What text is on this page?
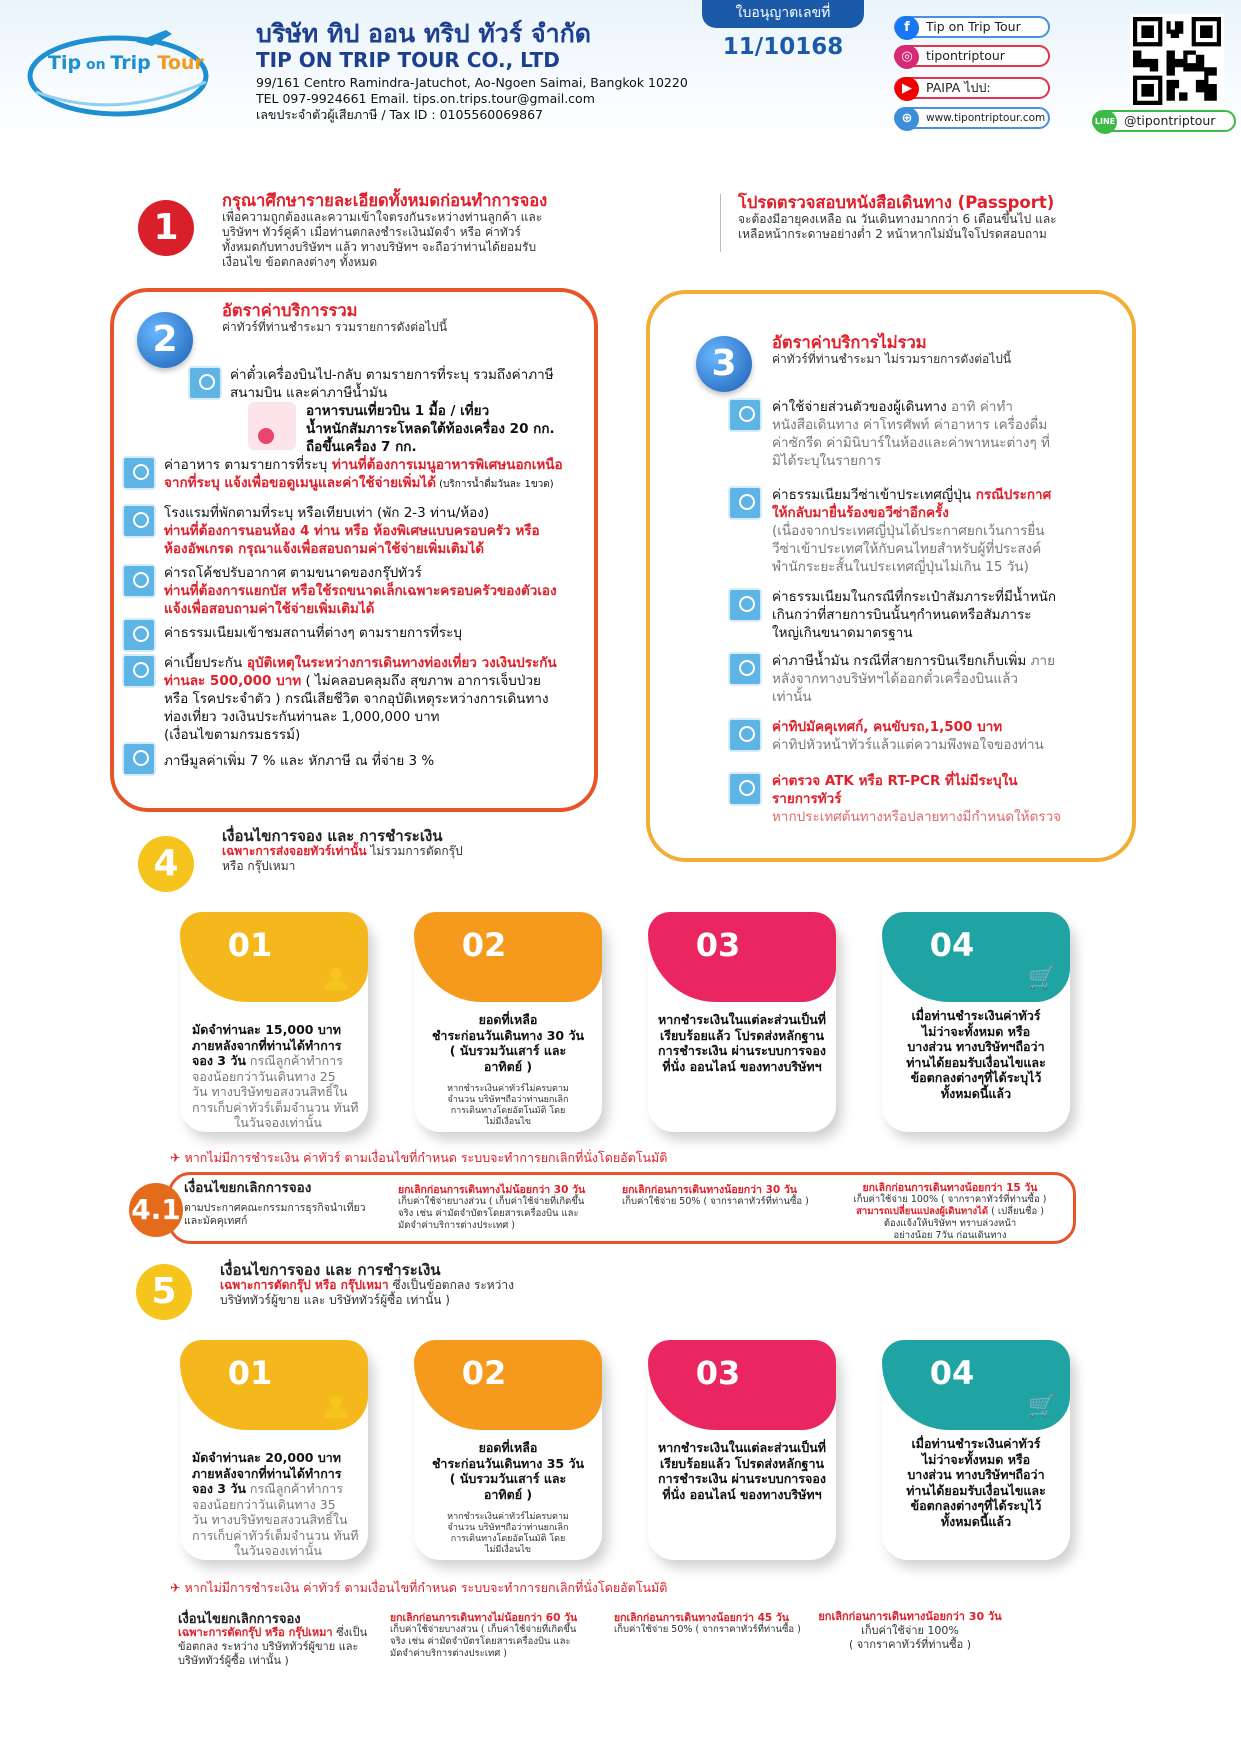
Tip on Trip Tour
บริษัท ทิป ออน ทริป ทัวร์ จำกัด
TIP ON TRIP TOUR CO., LTD
99/161 Centro Ramindra-Jatuchot, Ao-Ngoen Saimai, Bangkok 10220
TEL 097-9924661 Email. tips.on.trips.tour@gmail.com
เลขประจำตัวผู้เสียภาษี / Tax ID : 0105560069867
ใบอนุญาตเลขที่
11/10168
f	Tip on Trip Tour
◎	tipontriptour
▶	PAIPA ไปป:
⊕	www.tipontriptour.com	LINE @tipontriptour
1
กรุณาศึกษารายละเอียดทั้งหมดก่อนทำการจอง
เพื่อความถูกต้องและความเข้าใจตรงกันระหว่างท่านลูกค้า และ
บริษัทฯ ทัวร์คู่ค้า เมื่อท่านตกลงชำระเงินมัดจำ หรือ ค่าทัวร์
ทั้งหมดกับทางบริษัทฯ แล้ว ทางบริษัทฯ จะถือว่าท่านได้ยอมรับ
เงื่อนไข ข้อตกลงต่างๆ ทั้งหมด
โปรดตรวจสอบหนังสือเดินทาง (Passport)
จะต้องมีอายุคงเหลือ ณ วันเดินทางมากกว่า 6 เดือนขึ้นไป และ
เหลือหน้ากระดาษอย่างต่ำ 2 หน้าหากไม่มั่นใจโปรดสอบถาม
2
อัตราค่าบริการรวม
ค่าทัวร์ที่ท่านชำระมา รวมรายการดังต่อไปนี้
ค่าตั๋วเครื่องบินไป-กลับ ตามรายการที่ระบุ รวมถึงค่าภาษี
สนามบิน และค่าภาษีน้ำมัน
อาหารบนเที่ยวบิน 1 มื้อ / เที่ยว
น้ำหนักสัมภาระโหลดใต้ท้องเครื่อง 20 กก.
ถือขึ้นเครื่อง 7 กก.
ค่าอาหาร ตามรายการที่ระบุ ท่านที่ต้องการเมนูอาหารพิเศษนอกเหนือ
จากที่ระบุ แจ้งเพื่อขอดูเมนูและค่าใช้จ่ายเพิ่มได้ (บริการน้ำดื่มวันละ 1ขวด)
โรงแรมที่พักตามที่ระบุ หรือเทียบเท่า (พัก 2-3 ท่าน/ห้อง)
ท่านที่ต้องการนอนห้อง 4 ท่าน หรือ ห้องพิเศษแบบครอบครัว หรือ
ห้องอัพเกรด กรุณาแจ้งเพื่อสอบถามค่าใช้จ่ายเพิ่มเติมได้
ค่ารถโค้ชปรับอากาศ ตามขนาดของกรุ๊ปทัวร์
ท่านที่ต้องการแยกบัส หรือใช้รถขนาดเล็กเฉพาะครอบครัวของตัวเอง
แจ้งเพื่อสอบถามค่าใช้จ่ายเพิ่มเติมได้
ค่าธรรมเนียมเข้าชมสถานที่ต่างๆ ตามรายการที่ระบุ
ค่าเบี้ยประกัน อุบัติเหตุในระหว่างการเดินทางท่องเที่ยว วงเงินประกัน
ท่านละ 500,000 บาท ( ไม่คลอบคลุมถึง สุขภาพ อาการเจ็บป่วย
หรือ โรคประจำตัว ) กรณีเสียชีวิต จากอุบัติเหตุระหว่างการเดินทาง
ท่องเที่ยว วงเงินประกันท่านละ 1,000,000 บาท
(เงื่อนไขตามกรมธรรม์)
ภาษีมูลค่าเพิ่ม 7 % และ หักภาษี ณ ที่จ่าย 3 %
3
อัตราค่าบริการไม่รวม
ค่าทัวร์ที่ท่านชำระมา ไม่รวมรายการดังต่อไปนี้
ค่าใช้จ่ายส่วนตัวของผู้เดินทาง อาทิ ค่าทำ
หนังสือเดินทาง ค่าโทรศัพท์ ค่าอาหาร เครื่องดื่ม
ค่าซักรีด ค่ามินิบาร์ในห้องและค่าพาหนะต่างๆ ที่
มิได้ระบุในรายการ
ค่าธรรมเนียมวีซ่าเข้าประเทศญี่ปุ่น กรณีประกาศ
ให้กลับมายื่นร้องขอวีซ่าอีกครั้ง
(เนื่องจากประเทศญี่ปุ่นได้ประกาศยกเว้นการยื่น
วีซ่าเข้าประเทศให้กับคนไทยสำหรับผู้ที่ประสงค์
พำนักระยะสั้นในประเทศญี่ปุ่นไม่เกิน 15 วัน)
ค่าธรรมเนียมในกรณีที่กระเป๋าสัมภาระที่มีน้ำหนัก
เกินกว่าที่สายการบินนั้นๆกำหนดหรือสัมภาระ
ใหญ่เกินขนาดมาตรฐาน
ค่าภาษีน้ำมัน กรณีที่สายการบินเรียกเก็บเพิ่ม ภาย
หลังจากทางบริษัทฯได้ออกตั๋วเครื่องบินแล้ว
เท่านั้น
ค่าทิปมัคคุเทศก์, คนขับรถ,1,500 บาท
ค่าทิปหัวหน้าทัวร์แล้วแต่ความพึงพอใจของท่าน
ค่าตรวจ ATK หรือ RT-PCR ที่ไม่มีระบุใน
รายการทัวร์
หากประเทศต้นทางหรือปลายทางมีกำหนดให้ตรวจ
4
เงื่อนไขการจอง และ การชำระเงิน
เฉพาะการส่งจอยทัวร์เท่านั้น ไม่รวมการตัดกรุ๊ป
หรือ กรุ๊ปเหมา
01
มัดจำท่านละ 15,000 บาท
ภายหลังจากที่ท่านได้ทำการ
จอง 3 วัน กรณีลูกค้าทำการ
จองน้อยกว่าวันเดินทาง 25
วัน ทางบริษัทขอสงวนสิทธิ์ใน
การเก็บค่าทัวร์เต็มจำนวน ทันที
ในวันจองเท่านั้น
02
ยอดที่เหลือ
ชำระก่อนวันเดินทาง 30 วัน
( นับรวมวันเสาร์ และ
อาทิตย์ )
หากชำระเงินค่าทัวร์ไม่ครบตาม
จำนวน บริษัทฯถือว่าท่านยกเลิก
การเดินทางโดยอัตโนมัติ โดย
ไม่มีเงื่อนไข
03
หากชำระเงินในแต่ละส่วนเป็นที่
เรียบร้อยแล้ว โปรดส่งหลักฐาน
การชำระเงิน ผ่านระบบการจอง
ที่นั่ง ออนไลน์ ของทางบริษัทฯ
04
🛒
เมื่อท่านชำระเงินค่าทัวร์
ไม่ว่าจะทั้งหมด หรือ
บางส่วน ทางบริษัทฯถือว่า
ท่านได้ยอมรับเงื่อนไขและ
ข้อตกลงต่างๆที่ได้ระบุไว้
ทั้งหมดนี้แล้ว
✈ หากไม่มีการชำระเงิน ค่าทัวร์ ตามเงื่อนไขที่กำหนด ระบบจะทำการยกเลิกที่นั่งโดยอัตโนมัติ
4.1
เงื่อนไขยกเลิกการจอง
ตามประกาศคณะกรรมการธุรกิจนำเที่ยว
และมัคคุเทศก์
ยกเลิกก่อนการเดินทางไม่น้อยกว่า 30 วัน
เก็บค่าใช้จ่ายบางส่วน ( เก็บค่าใช้จ่ายที่เกิดขึ้น
จริง เช่น ค่ามัดจำบัตรโดยสารเครื่องบิน และ
มัดจำค่าบริการต่างประเทศ )
ยกเลิกก่อนการเดินทางน้อยกว่า 30 วัน
เก็บค่าใช้จ่าย 50% ( จากราคาทัวร์ที่ท่านซื้อ )
ยกเลิกก่อนการเดินทางน้อยกว่า 15 วัน
เก็บค่าใช้จ่าย 100% ( จากราคาทัวร์ที่ท่านซื้อ )
สามารถเปลี่ยนแปลงผู้เดินทางได้ ( เปลี่ยนชื่อ )
ต้องแจ้งให้บริษัทฯ ทราบล่วงหน้า
อย่างน้อย 7วัน ก่อนเดินทาง
5
เงื่อนไขการจอง และ การชำระเงิน
เฉพาะการตัดกรุ๊ป หรือ กรุ๊ปเหมา ซึ่งเป็นข้อตกลง ระหว่าง
บริษัททัวร์ผู้ขาย และ บริษัททัวร์ผู้ซื้อ เท่านั้น )
01
มัดจำท่านละ 20,000 บาท
ภายหลังจากที่ท่านได้ทำการ
จอง 3 วัน กรณีลูกค้าทำการ
จองน้อยกว่าวันเดินทาง 35
วัน ทางบริษัทขอสงวนสิทธิ์ใน
การเก็บค่าทัวร์เต็มจำนวน ทันที
ในวันจองเท่านั้น
02
ยอดที่เหลือ
ชำระก่อนวันเดินทาง 35 วัน
( นับรวมวันเสาร์ และ
อาทิตย์ )
หากชำระเงินค่าทัวร์ไม่ครบตาม
จำนวน บริษัทฯถือว่าท่านยกเลิก
การเดินทางโดยอัตโนมัติ โดย
ไม่มีเงื่อนไข
03
หากชำระเงินในแต่ละส่วนเป็นที่
เรียบร้อยแล้ว โปรดส่งหลักฐาน
การชำระเงิน ผ่านระบบการจอง
ที่นั่ง ออนไลน์ ของทางบริษัทฯ
04
🛒
เมื่อท่านชำระเงินค่าทัวร์
ไม่ว่าจะทั้งหมด หรือ
บางส่วน ทางบริษัทฯถือว่า
ท่านได้ยอมรับเงื่อนไขและ
ข้อตกลงต่างๆที่ได้ระบุไว้
ทั้งหมดนี้แล้ว
✈ หากไม่มีการชำระเงิน ค่าทัวร์ ตามเงื่อนไขที่กำหนด ระบบจะทำการยกเลิกที่นั่งโดยอัตโนมัติ
เงื่อนไขยกเลิกการจอง
เฉพาะการตัดกรุ๊ป หรือ กรุ๊ปเหมา ซึ่งเป็น
ข้อตกลง ระหว่าง บริษัททัวร์ผู้ขาย และ
บริษัททัวร์ผู้ซื้อ เท่านั้น )
ยกเลิกก่อนการเดินทางไม่น้อยกว่า 60 วัน
เก็บค่าใช้จ่ายบางส่วน ( เก็บค่าใช้จ่ายที่เกิดขึ้น
จริง เช่น ค่ามัดจำบัตรโดยสารเครื่องบิน และ
มัดจำค่าบริการต่างประเทศ )
ยกเลิกก่อนการเดินทางน้อยกว่า 45 วัน
เก็บค่าใช้จ่าย 50% ( จากราคาทัวร์ที่ท่านซื้อ )
ยกเลิกก่อนการเดินทางน้อยกว่า 30 วัน
เก็บค่าใช้จ่าย 100%
( จากราคาทัวร์ที่ท่านซื้อ )
